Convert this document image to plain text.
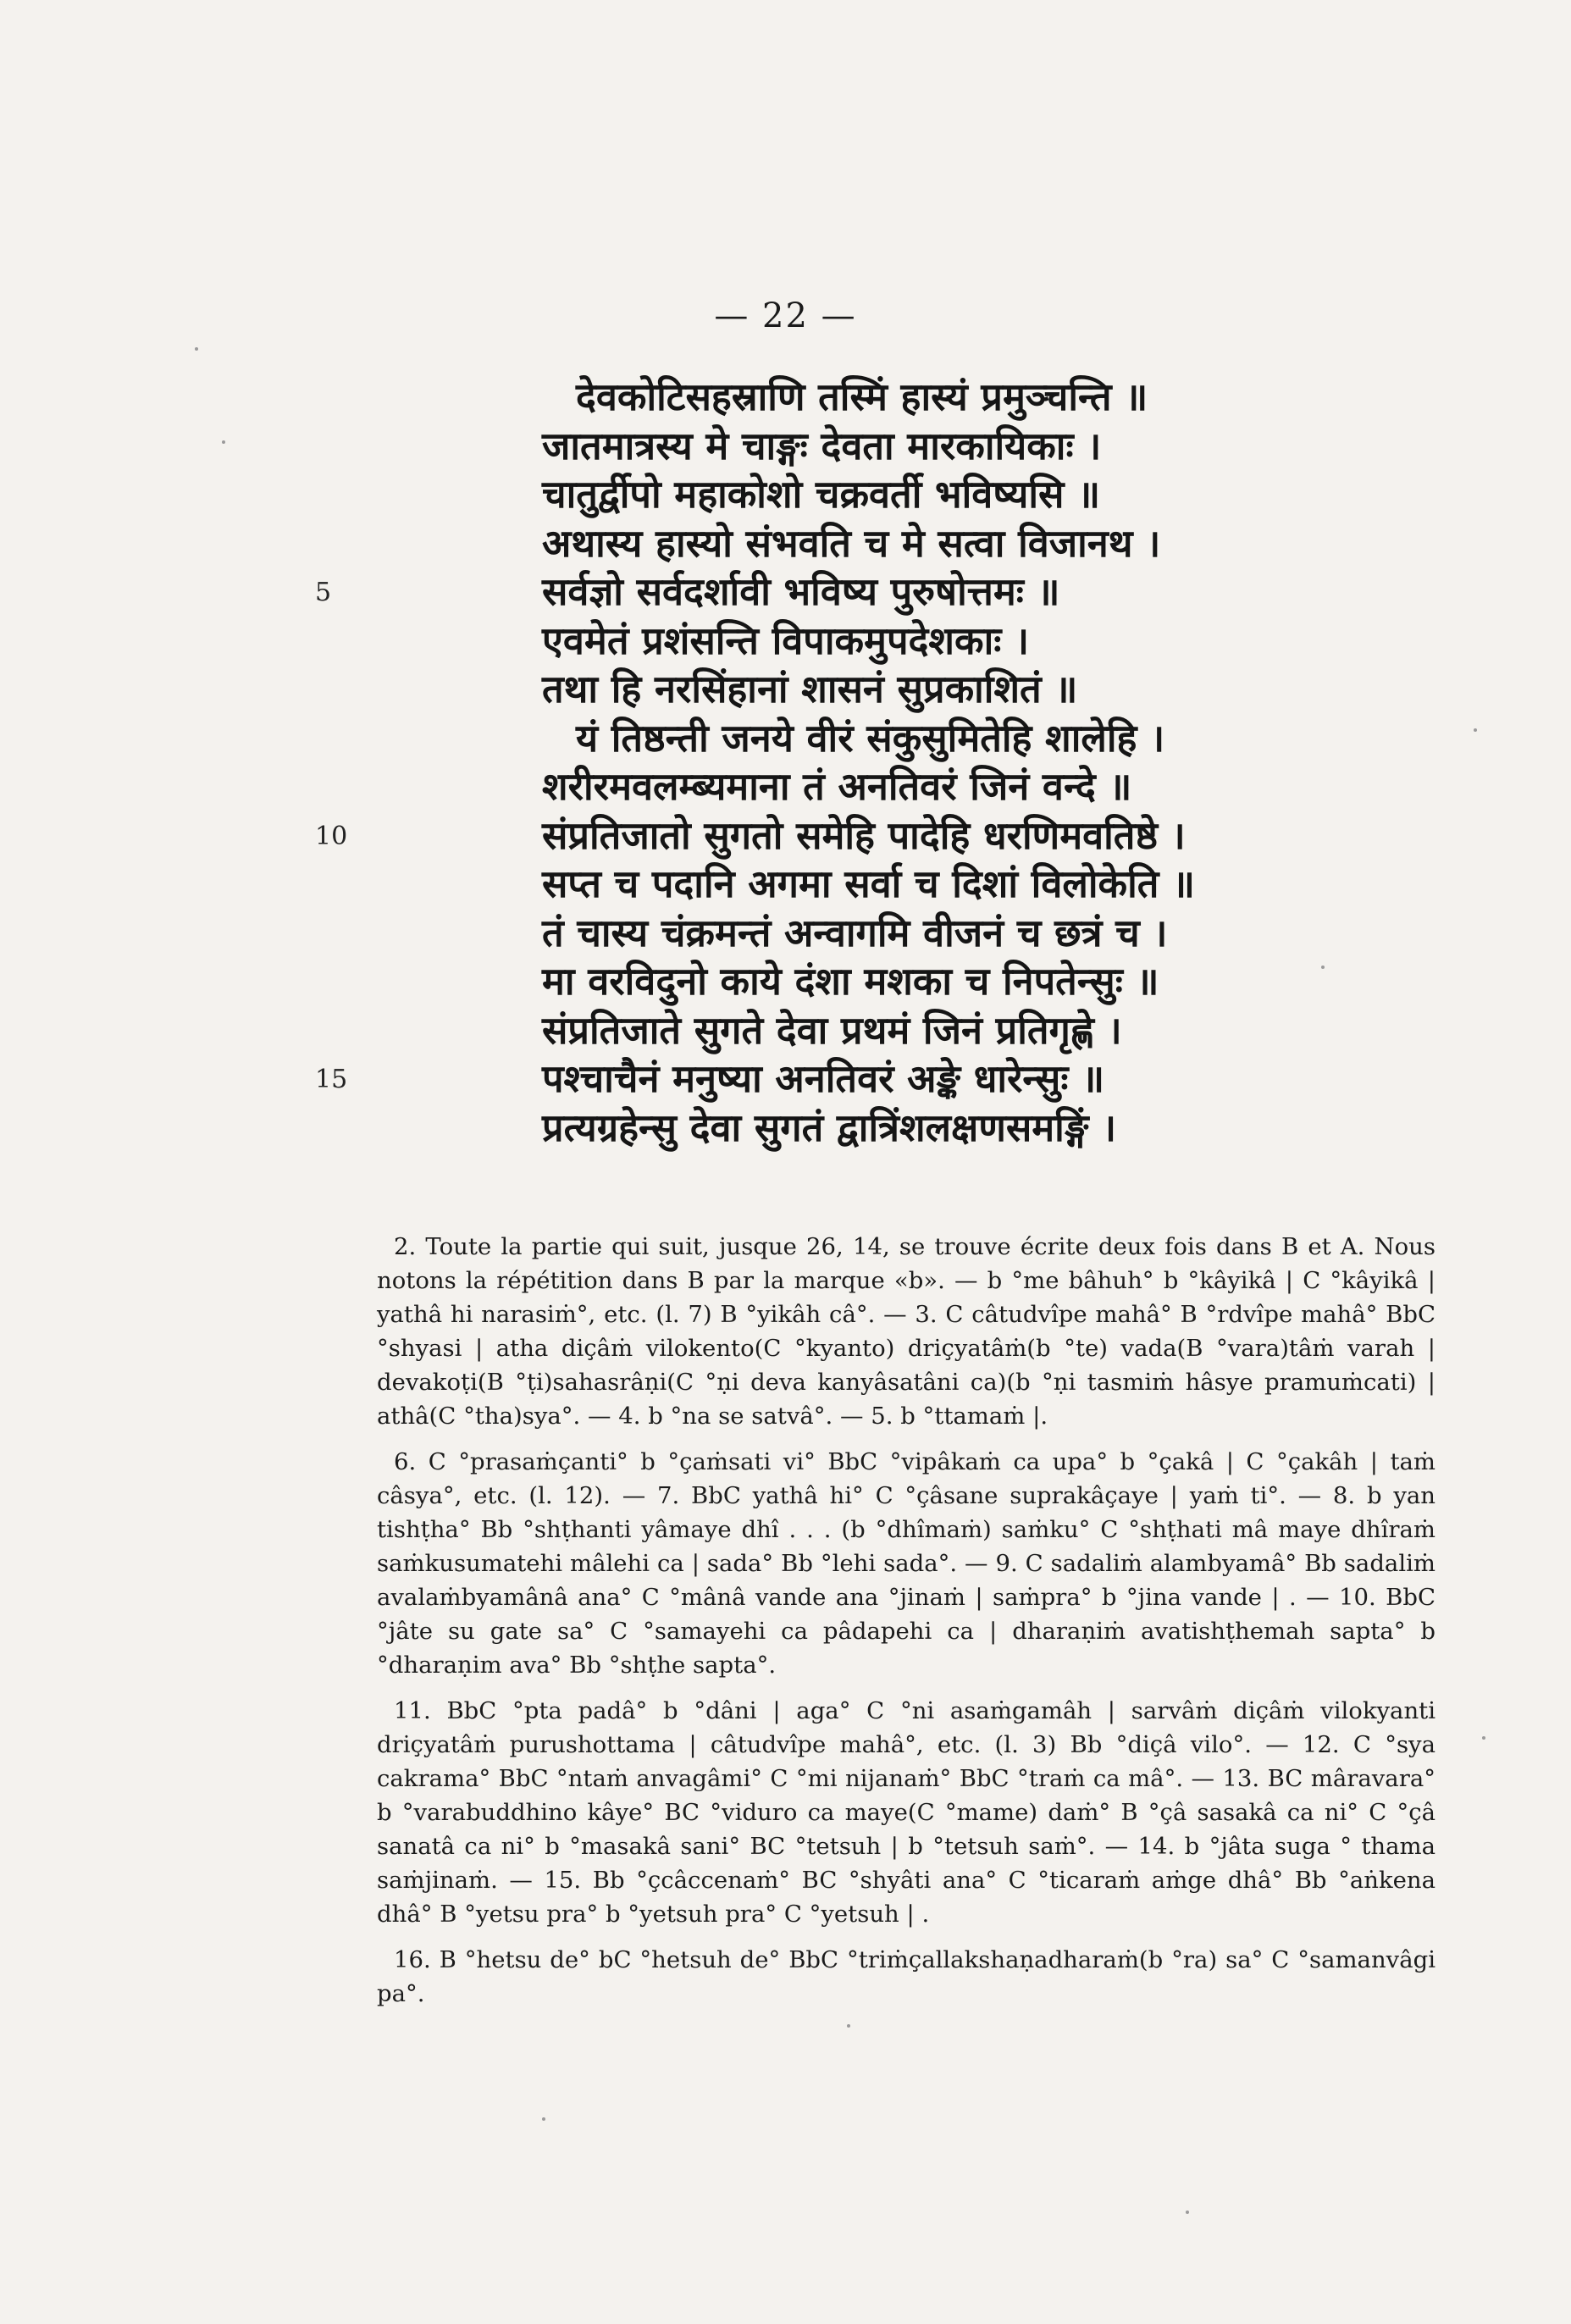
— 22 —
देवकोटिसहस्राणि तस्मिं हास्यं प्रमुञ्चन्ति ॥
जातमात्रस्य मे चाङ्गः देवता मारकायिकाः ।
चातुर्द्वीपो महाकोशो चक्रवर्ती भविष्यसि ॥
अथास्य हास्यो संभवति च मे सत्वा विजानथ ।
सर्वज्ञो सर्वदर्शावी भविष्य पुरुषोत्तमः ॥
एवमेतं प्रशंसन्ति विपाकमुपदेशकाः ।
तथा हि नरसिंहानां शासनं सुप्रकाशितं ॥
यं तिष्ठन्ती जनये वीरं संकुसुमितेहि शालेहि ।
शरीरमवलम्ब्यमाना तं अनतिवरं जिनं वन्दे ॥
संप्रतिजातो सुगतो समेहि पादेहि धरणिमवतिष्ठे ।
सप्त च पदानि अगमा सर्वा च दिशां विलोकेति ॥
तं चास्य चंक्रमन्तं अन्वागमि वीजनं च छत्रं च ।
मा वरविदुनो काये दंशा मशका च निपतेन्सुः ॥
संप्रतिजाते सुगते देवा प्रथमं जिनं प्रतिगृह्णे ।
पश्चाचैनं मनुष्या अनतिवरं अङ्के धारेन्सुः ॥
प्रत्यग्रहेन्सु देवा सुगतं द्वात्रिंशलक्षणसमङ्गिं ।
5
10
15

2. Toute la partie qui suit, jusque 26, 14, se trouve écrite deux fois dans B et A. Nous notons la répétition dans B par la marque «b». — b °me bâhuh° b °kâyikâ | C °kâyikâ | yathâ hi narasiṁ°, etc. (l. 7) B °yikâh câ°. — 3. C câtudvîpe mahâ° B °rdvîpe mahâ° BbC °shyasi | atha diçâṁ vilokento(C °kyanto) driçyatâṁ(b °te) vada(B °vara)tâṁ varah | devakoṭi(B °ṭi)sahasrâṇi(C °ṇi deva kanyâsatâni ca)(b °ṇi tasmiṁ hâsye pramuṁcati) | athâ(C °tha)sya°. — 4. b °na se satvâ°. — 5. b °ttamaṁ |.

6. C °prasaṁçanti° b °çaṁsati vi° BbC °vipâkaṁ ca upa° b °çakâ | C °çakâh | taṁ câsya°, etc. (l. 12). — 7. BbC yathâ hi° C °çâsane suprakâçaye | yaṁ ti°. — 8. b yan tishṭha° Bb °shṭhanti yâmaye dhî . . . (b °dhîmaṁ) saṁku° C °shṭhati mâ maye dhîraṁ saṁkusumatehi mâlehi ca | sada° Bb °lehi sada°. — 9. C sadaliṁ alambyamâ° Bb sadaliṁ avalaṁbyamânâ ana° C °mânâ vande ana °jinaṁ | saṁpra° b °jina vande | . — 10. BbC °jâte su gate sa° C °samayehi ca pâdapehi ca | dharaṇiṁ avatishṭhemah sapta° b °dharaṇim ava° Bb °shṭhe sapta°.

11. BbC °pta padâ° b °dâni | aga° C °ni asaṁgamâh | sarvâṁ diçâṁ vilokyanti driçyatâṁ purushottama | câtudvîpe mahâ°, etc. (l. 3) Bb °diçâ vilo°. — 12. C °sya cakrama° BbC °ntaṁ anvagâmi° C °mi nijanaṁ° BbC °traṁ ca mâ°. — 13. BC mâravara° b °varabuddhino kâye° BC °viduro ca maye(C °mame) daṁ° B °çâ sasakâ ca ni° C °çâ sanatâ ca ni° b °masakâ sani° BC °tetsuh | b °tetsuh saṁ°. — 14. b °jâta suga ° thama saṁjinaṁ. — 15. Bb °çcâccenaṁ° BC °shyâti ana° C °ticaraṁ aṁge dhâ° Bb °aṅkena dhâ° B °yetsu pra° b °yetsuh pra° C °yetsuh | .

16. B °hetsu de° bC °hetsuh de° BbC °triṁçallakshaṇadharaṁ(b °ra) sa° C °samanvâgi pa°.
